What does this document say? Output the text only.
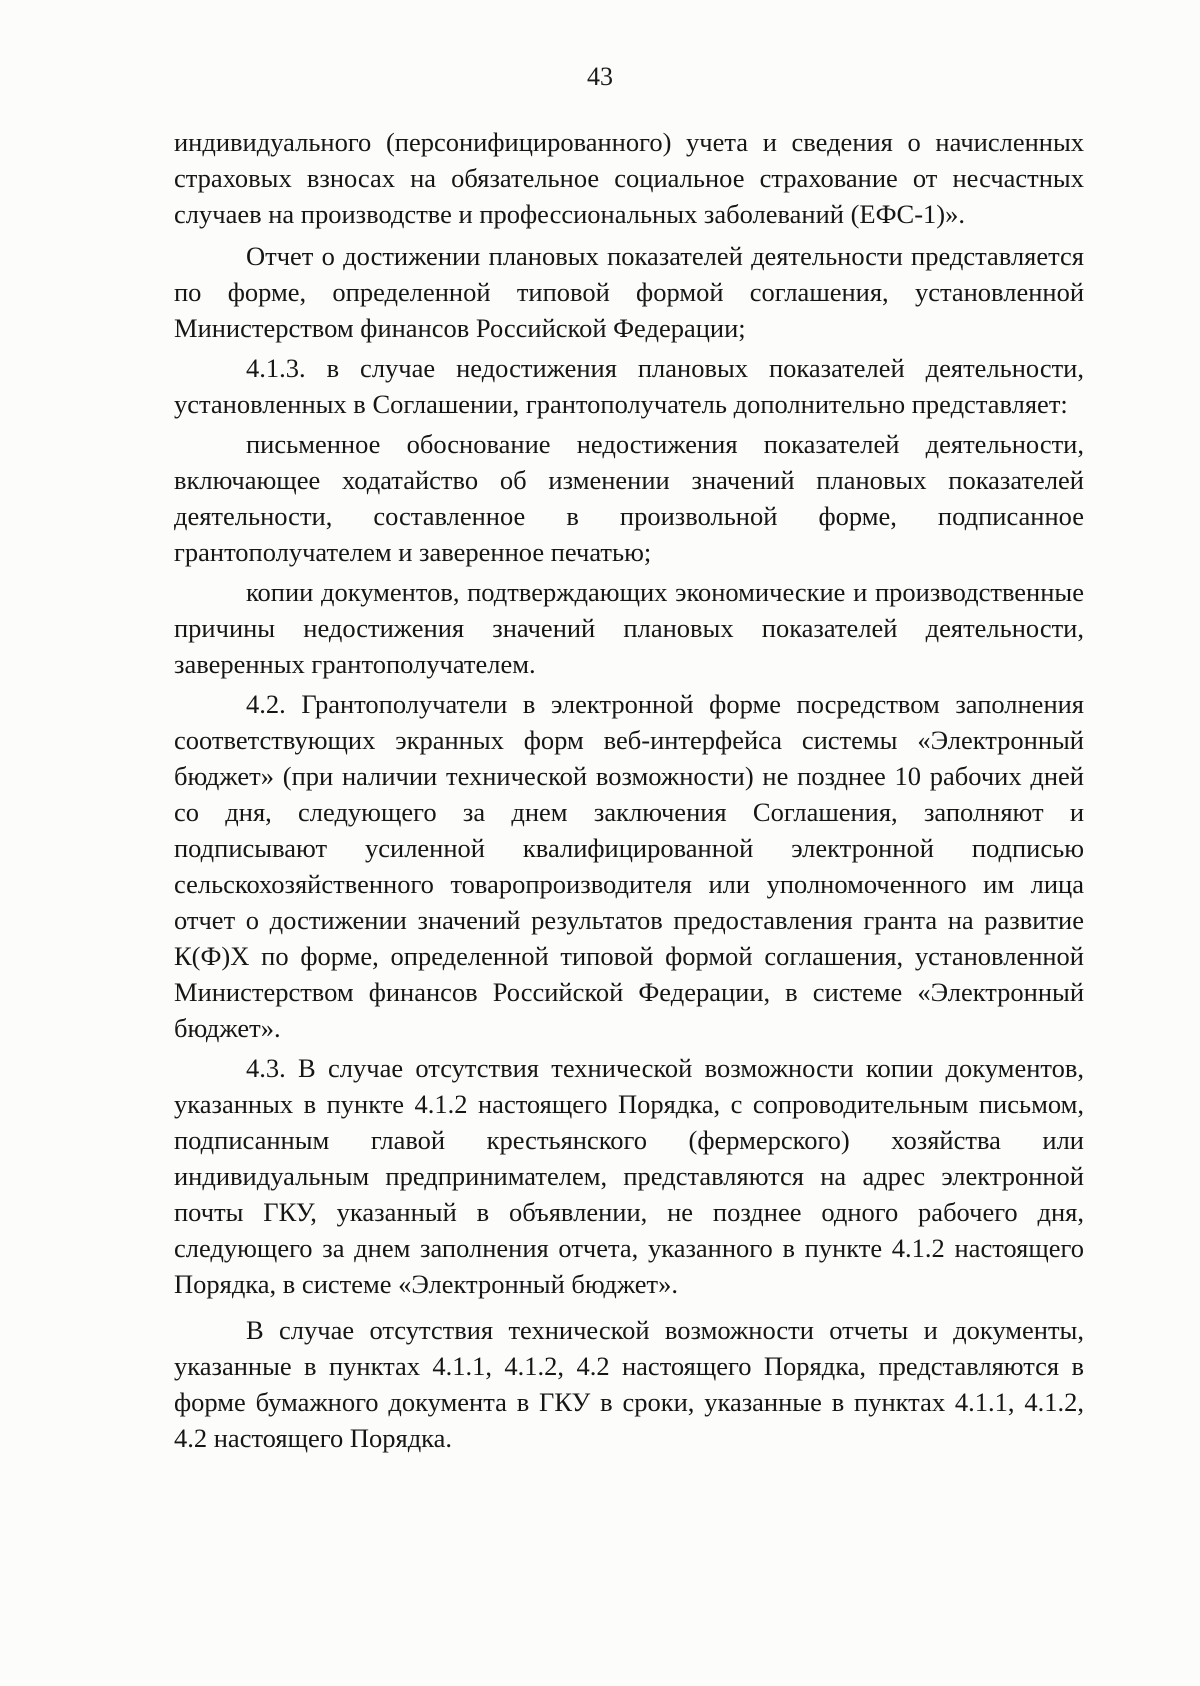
43

индивидуального (персонифицированного) учета и сведения о начисленных страховых взносах на обязательное социальное страхование от несчастных случаев на производстве и профессиональных заболеваний (ЕФС-1)».

Отчет о достижении плановых показателей деятельности представляется по форме, определенной типовой формой соглашения, установленной Министерством финансов Российской Федерации;

4.1.3. в случае недостижения плановых показателей деятельности, установленных в Соглашении, грантополучатель дополнительно представляет:

письменное обоснование недостижения показателей деятельности, включающее ходатайство об изменении значений плановых показателей деятельности, составленное в произвольной форме, подписанное грантополучателем и заверенное печатью;

копии документов, подтверждающих экономические и производственные причины недостижения значений плановых показателей деятельности, заверенных грантополучателем.

4.2. Грантополучатели в электронной форме посредством заполнения соответствующих экранных форм веб-интерфейса системы «Электронный бюджет» (при наличии технической возможности) не позднее 10 рабочих дней со дня, следующего за днем заключения Соглашения, заполняют и подписывают усиленной квалифицированной электронной подписью сельскохозяйственного товаропроизводителя или уполномоченного им лица отчет о достижении значений результатов предоставления гранта на развитие К(Ф)Х по форме, определенной типовой формой соглашения, установленной Министерством финансов Российской Федерации, в системе «Электронный бюджет».

4.3. В случае отсутствия технической возможности копии документов, указанных в пункте 4.1.2 настоящего Порядка, с сопроводительным письмом, подписанным главой крестьянского (фермерского) хозяйства или индивидуальным предпринимателем, представляются на адрес электронной почты ГКУ, указанный в объявлении, не позднее одного рабочего дня, следующего за днем заполнения отчета, указанного в пункте 4.1.2 настоящего Порядка, в системе «Электронный бюджет».

В случае отсутствия технической возможности отчеты и документы, указанные в пунктах 4.1.1, 4.1.2, 4.2 настоящего Порядка, представляются в форме бумажного документа в ГКУ в сроки, указанные в пунктах 4.1.1, 4.1.2, 4.2 настоящего Порядка.
